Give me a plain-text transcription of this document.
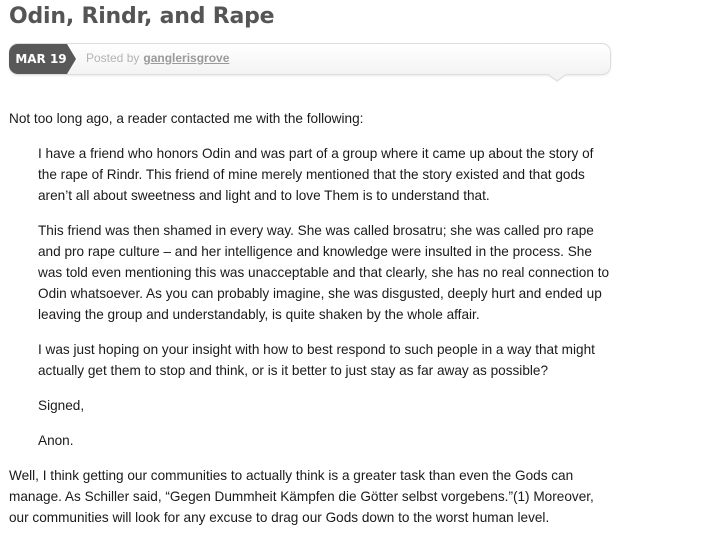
Odin, Rindr, and Rape
MAR 19 Posted by ganglerisgrove

Not too long ago, a reader contacted me with the following:

I have a friend who honors Odin and was part of a group where it came up about the story of the rape of Rindr. This friend of mine merely mentioned that the story existed and that gods aren’t all about sweetness and light and to love Them is to understand that.

This friend was then shamed in every way. She was called brosatru; she was called pro rape and pro rape culture – and her intelligence and knowledge were insulted in the process. She was told even mentioning this was unacceptable and that clearly, she has no real connection to Odin whatsoever. As you can probably imagine, she was disgusted, deeply hurt and ended up leaving the group and understandably, is quite shaken by the whole affair.

I was just hoping on your insight with how to best respond to such people in a way that might actually get them to stop and think, or is it better to just stay as far away as possible?

Signed,

Anon.

Well, I think getting our communities to actually think is a greater task than even the Gods can manage. As Schiller said, “Gegen Dummheit Kämpfen die Götter selbst vorgebens.”(1) Moreover, our communities will look for any excuse to drag our Gods down to the worst human level.
